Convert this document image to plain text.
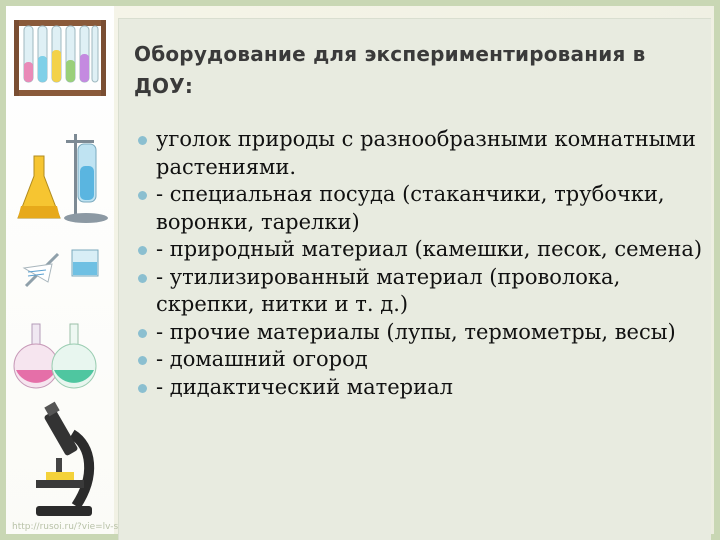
Оборудование для экспериментирования в ДОУ:
уголок природы с разнообразными комнатными растениями.
- специальная посуда (стаканчики, трубочки, воронки, тарелки)
- природный материал (камешки, песок, семена)
- утилизированный материал (проволока, скрепки, нитки и т. д.)
- прочие материалы (лупы, термометры, весы)
- домашний огород
- дидактический материал
http://rusoi.ru/?vie=lv-s
